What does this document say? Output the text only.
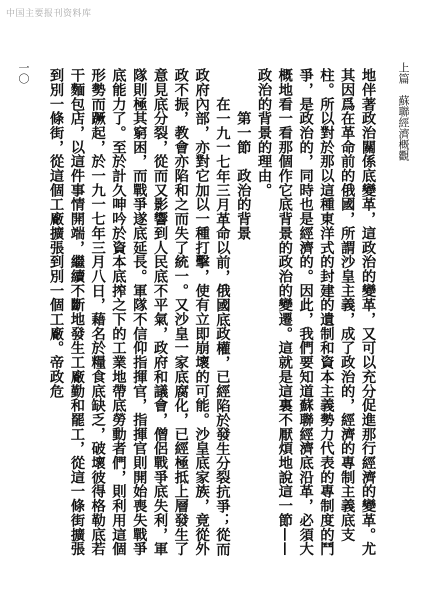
中国主要报刊资料库
上篇　蘇聯經濟概觀
一〇	地伴著政治關係底變革，這政治的變革，又可以充分促進那行經濟的變革。尤其因爲在革命前的俄國，所謂沙皇主義，成了政治的，經濟的專制主義底支柱。所以對於那以這種東洋式的封建的遺制和資本主義勢力代表的專制度的鬥爭，是政治的，同時也是經濟的。因此，我們要知道蘇聯經濟底沿革，必須大概地看一看那個作它底背景的政治的變遷。這就是這裏不厭煩地說這一節——政治的背景的理由。

第一節　政治的背景

在一九一七年三月革命以前，俄國底政權，已經陷於發生分裂抗爭；從而政府內部，亦對它加以一種打擊，使有立即崩壞的可能。沙皇底家族，竟從外政不振，教會亦陷和之而失了統一。又沙皇一家底腐化，已經極抵上層發生了意見底分裂，從而又影響到人民底不平氣，政府和議會，僧侶戰爭底失利，軍隊則極其窮困，而戰爭遂底延長。軍隊不信仰指揮官，指揮官則開始喪失戰爭底能力了。至於計久呻吟於資本底搾之下的工業地帶底勞動者們，則利用這個形勢而蹶起，於一九一七年三月八日，藉名於糧食底缺乏，破壞彼得格勒底若干麵包店，以這件事情開端，繼續不斷地發生工廠勤和罷工，從這一條街擴張到別一條街，從這個工廠擴張到別一個工廠。帝政危
